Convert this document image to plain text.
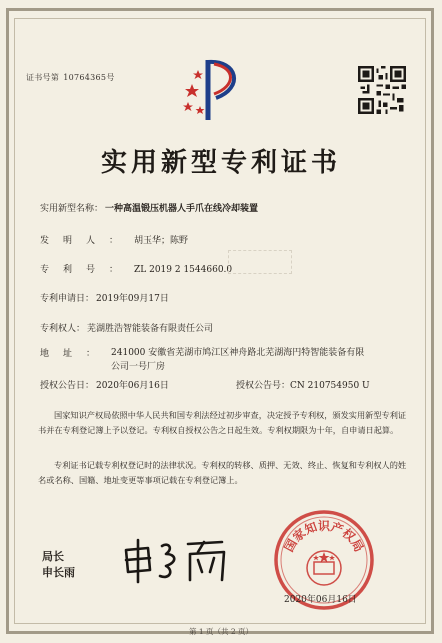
证书号第 10764365号
实用新型专利证书
实用新型名称： 一种高温锻压机器人手爪在线冷却装置
发明人： 胡玉华；陈野
专利号： ZL 2019 2 1544660.0
专利申请日： 2019年09月17日
专利权人： 芜湖胜浩智能装备有限责任公司
地址： 241000 安徽省芜湖市鸠江区神舟路北芜湖海円特智能装备有限公司一号厂房
授权公告日： 2020年06月16日	授权公告号：CN 210754950 U
国家知识产权局依照中华人民共和国专利法经过初步审查，决定授予专利权，颁发实用新型专利证书并在专利登记簿上予以登记。专利权自授权公告之日起生效。专利权期限为十年，自申请日起算。
专利证书记载专利权登记时的法律状况。专利权的转移、质押、无效、终止、恢复和专利权人的姓名或名称、国籍、地址变更等事项记载在专利登记簿上。
局长
申长雨
国家知识产权局
2020年06月16日
第 1 页（共 2 页）
